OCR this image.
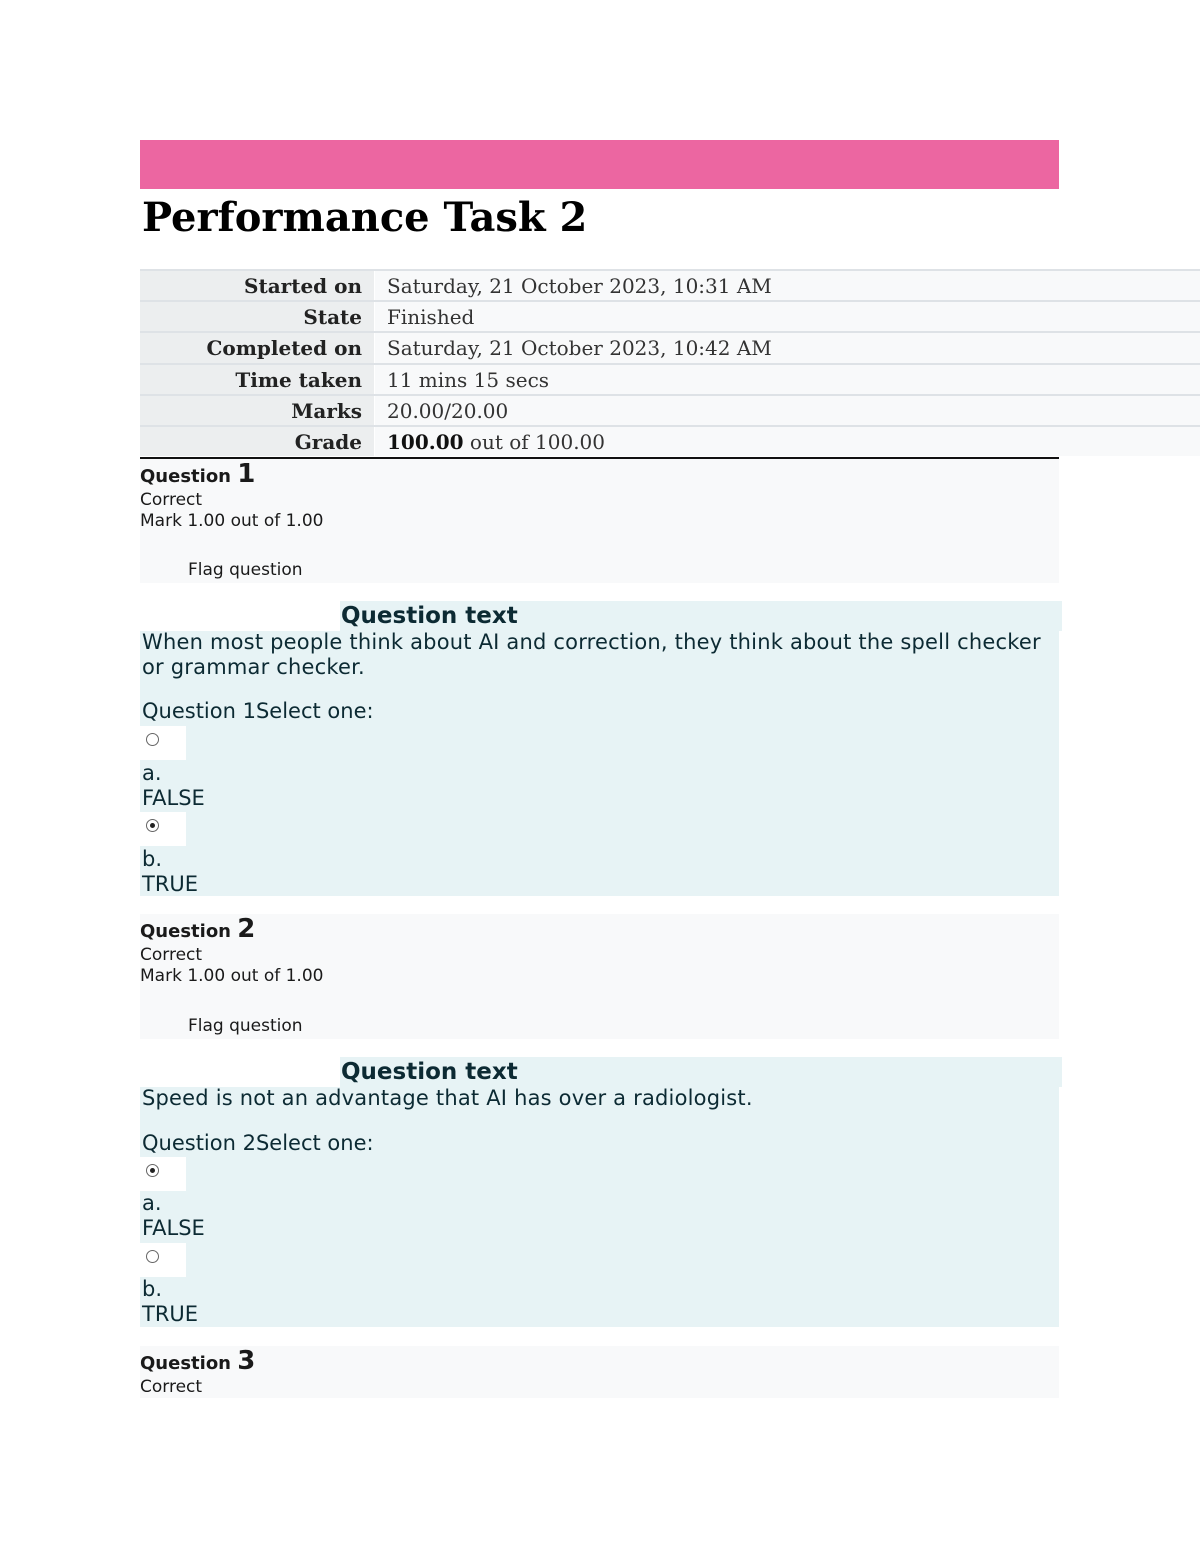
Performance Task 2
Started on	Saturday, 21 October 2023, 10:31 AM
State	Finished
Completed on	Saturday, 21 October 2023, 10:42 AM
Time taken	11 mins 15 secs
Marks	20.00/20.00
Grade	100.00 out of 100.00
Question 1
Correct
Mark 1.00 out of 1.00
Flag question
Question text
When most people think about AI and correction, they think about the spell checker
or grammar checker.
Question 1Select one:
a.
FALSE
b.
TRUE
Question 2
Correct
Mark 1.00 out of 1.00
Flag question
Question text
Speed is not an advantage that AI has over a radiologist.
Question 2Select one:
a.
FALSE
b.
TRUE
Question 3
Correct
